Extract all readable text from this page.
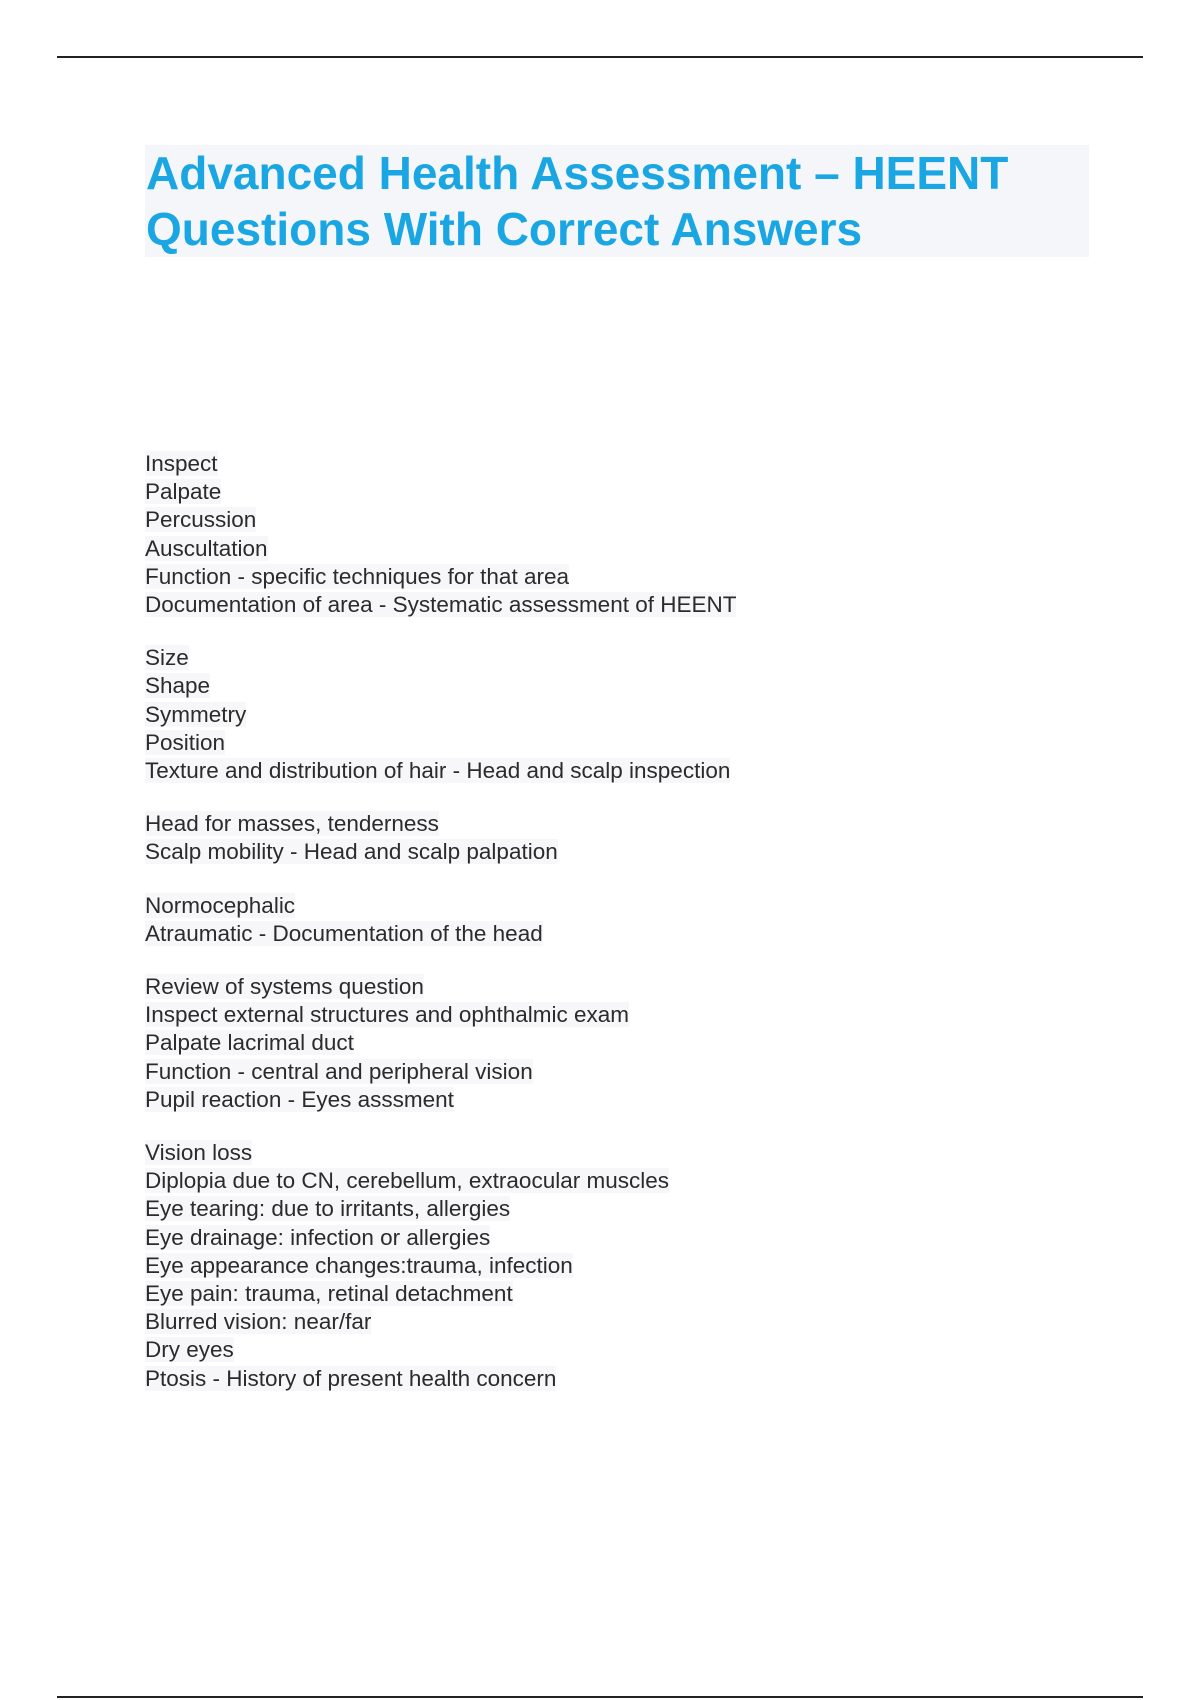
Advanced Health Assessment – HEENT
Questions With Correct Answers
Inspect
Palpate
Percussion
Auscultation
Function - specific techniques for that area
Documentation of area - Systematic assessment of HEENT
Size
Shape
Symmetry
Position
Texture and distribution of hair - Head and scalp inspection
Head for masses, tenderness
Scalp mobility - Head and scalp palpation
Normocephalic
Atraumatic - Documentation of the head
Review of systems question
Inspect external structures and ophthalmic exam
Palpate lacrimal duct
Function - central and peripheral vision
Pupil reaction - Eyes asssment
Vision loss
Diplopia due to CN, cerebellum, extraocular muscles
Eye tearing: due to irritants, allergies
Eye drainage: infection or allergies
Eye appearance changes:trauma, infection
Eye pain: trauma, retinal detachment
Blurred vision: near/far
Dry eyes
Ptosis - History of present health concern
